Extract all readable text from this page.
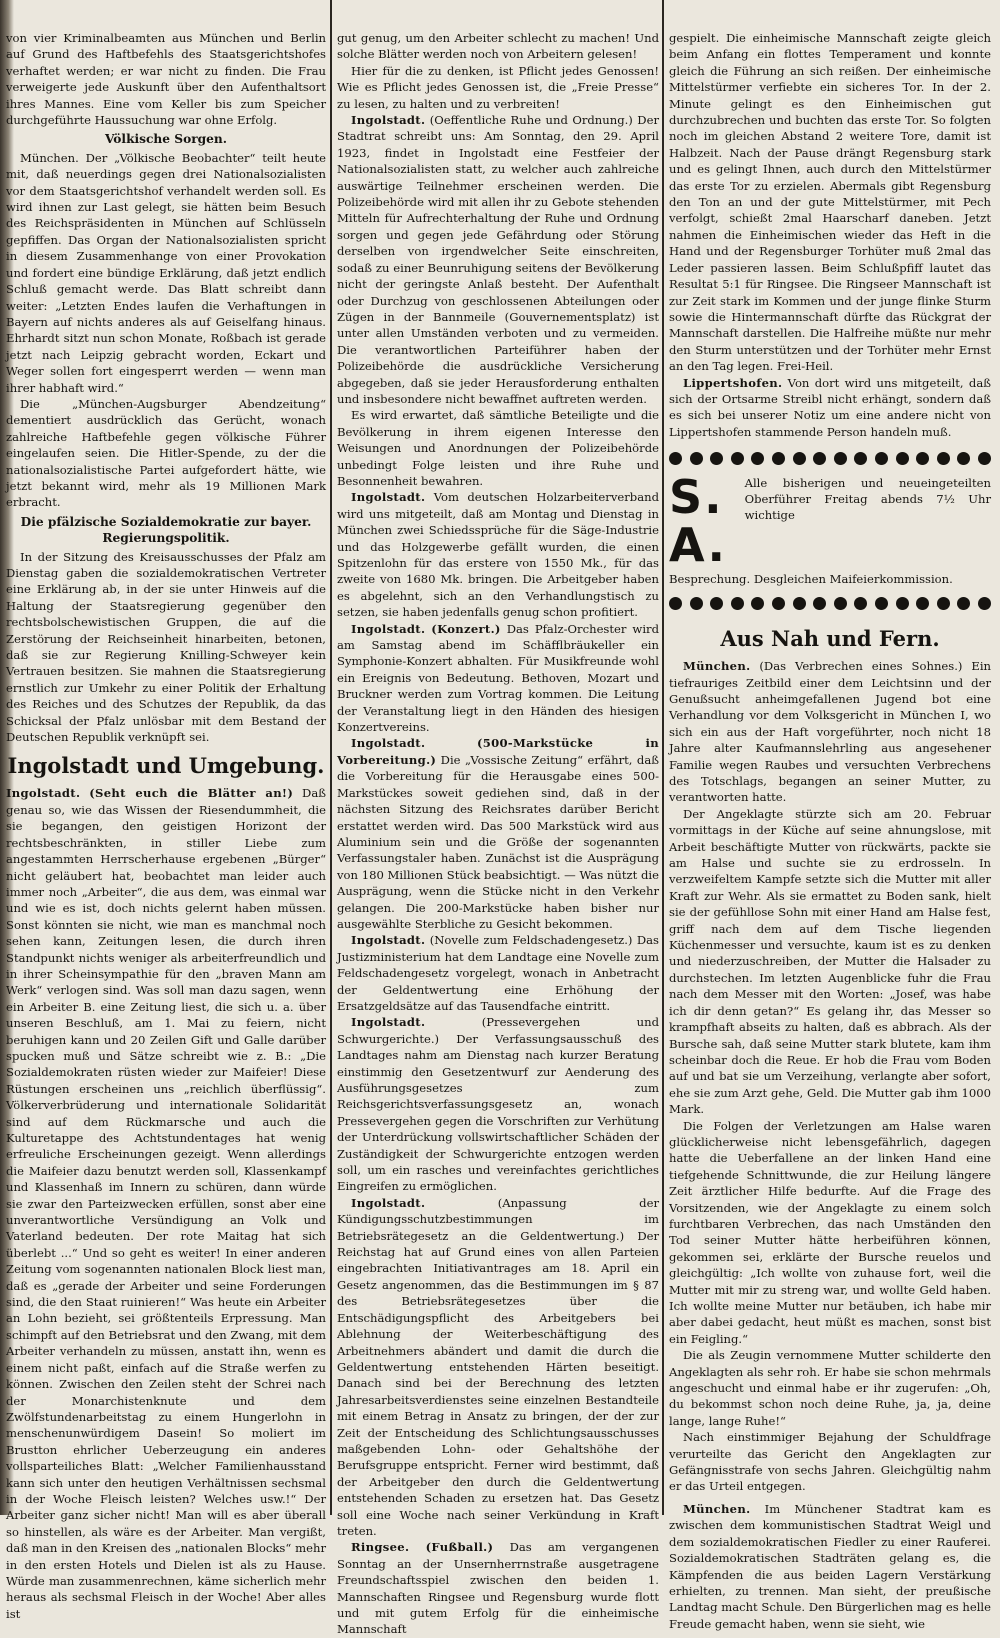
von vier Kriminalbeamten aus München und Berlin auf Grund des Haftbefehls des Staatsgerichtshofes verhaftet werden; er war nicht zu finden. Die Frau verweigerte jede Auskunft über den Aufenthaltsort ihres Mannes. Eine vom Keller bis zum Speicher durchgeführte Haussuchung war ohne Erfolg.

Völkische Sorgen.

München. Der „Völkische Beobachter“ teilt heute mit, daß neuerdings gegen drei Nationalsozialisten vor dem Staatsgerichtshof verhandelt werden soll. Es wird ihnen zur Last gelegt, sie hätten beim Besuch des Reichspräsidenten in München auf Schlüsseln gepfiffen. Das Organ der Nationalsozialisten spricht in diesem Zusammenhange von einer Provokation und fordert eine bündige Erklärung, daß jetzt endlich Schluß gemacht werde. Das Blatt schreibt dann weiter: „Letzten Endes laufen die Verhaftungen in Bayern auf nichts anderes als auf Geiselfang hinaus. Ehrhardt sitzt nun schon Monate, Roßbach ist gerade jetzt nach Leipzig gebracht worden, Eckart und Weger sollen fort eingesperrt werden — wenn man ihrer habhaft wird.“

Die „München-Augsburger Abendzeitung“ dementiert ausdrücklich das Gerücht, wonach zahlreiche Haftbefehle gegen völkische Führer eingelaufen seien. Die Hitler-Spende, zu der die nationalsozialistische Partei aufgefordert hätte, wie jetzt bekannt wird, mehr als 19 Millionen Mark erbracht.

Die pfälzische Sozialdemokratie zur bayer. Regierungspolitik.

In der Sitzung des Kreisausschusses der Pfalz am Dienstag gaben die sozialdemokratischen Vertreter eine Erklärung ab, in der sie unter Hinweis auf die Haltung der Staatsregierung gegenüber den rechtsbolschewistischen Gruppen, die auf die Zerstörung der Reichseinheit hinarbeiten, betonen, daß sie zur Regierung Knilling-Schweyer kein Vertrauen besitzen. Sie mahnen die Staatsregierung ernstlich zur Umkehr zu einer Politik der Erhaltung des Reiches und des Schutzes der Republik, da das Schicksal der Pfalz unlösbar mit dem Bestand der Deutschen Republik verknüpft sei.

Ingolstadt und Umgebung.

Ingolstadt. (Seht euch die Blätter an!) Daß genau so, wie das Wissen der Riesendummheit, die sie begangen, den geistigen Horizont der rechtsbeschränkten, in stiller Liebe zum angestammten Herrscherhause ergebenen „Bürger“ nicht geläubert hat, beobachtet man leider auch immer noch „Arbeiter“, die aus dem, was einmal war und wie es ist, doch nichts gelernt haben müssen. Sonst könnten sie nicht, wie man es manchmal noch sehen kann, Zeitungen lesen, die durch ihren Standpunkt nichts weniger als arbeiterfreundlich und in ihrer Scheinsympathie für den „braven Mann am Werk“ verlogen sind. Was soll man dazu sagen, wenn ein Arbeiter B. eine Zeitung liest, die sich u. a. über unseren Beschluß, am 1. Mai zu feiern, nicht beruhigen kann und 20 Zeilen Gift und Galle darüber spucken muß und Sätze schreibt wie z. B.: „Die Sozialdemokraten rüsten wieder zur Maifeier! Diese Rüstungen erscheinen uns „reichlich überflüssig“. Völkerverbrüderung und internationale Solidarität sind auf dem Rückmarsche und auch die Kulturetappe des Achtstundentages hat wenig erfreuliche Erscheinungen gezeigt. Wenn allerdings die Maifeier dazu benutzt werden soll, Klassenkampf und Klassenhaß im Innern zu schüren, dann würde sie zwar den Parteizwecken erfüllen, sonst aber eine unverantwortliche Versündigung an Volk und Vaterland bedeuten. Der rote Maitag hat sich überlebt ...“ Und so geht es weiter! In einer anderen Zeitung vom sogenannten nationalen Block liest man, daß es „gerade der Arbeiter und seine Forderungen sind, die den Staat ruinieren!“ Was heute ein Arbeiter an Lohn bezieht, sei größtenteils Erpressung. Man schimpft auf den Betriebsrat und den Zwang, mit dem Arbeiter verhandeln zu müssen, anstatt ihn, wenn es einem nicht paßt, einfach auf die Straße werfen zu können. Zwischen den Zeilen steht der Schrei nach der Monarchistenknute und dem Zwölfstundenarbeitstag zu einem Hungerlohn in menschenunwürdigem Dasein! So moliert im Brustton ehrlicher Ueberzeugung ein anderes vollsparteiliches Blatt: „Welcher Familienhausstand kann sich unter den heutigen Verhältnissen sechsmal in der Woche Fleisch leisten? Welches usw.!“ Der Arbeiter ganz sicher nicht! Man will es aber überall so hinstellen, als wäre es der Arbeiter. Man vergißt, daß man in den Kreisen des „nationalen Blocks“ mehr in den ersten Hotels und Dielen ist als zu Hause. Würde man zusammenrechnen, käme sicherlich mehr heraus als sechsmal Fleisch in der Woche! Aber alles ist

gut genug, um den Arbeiter schlecht zu machen! Und solche Blätter werden noch von Arbeitern gelesen!

Hier für die zu denken, ist Pflicht jedes Genossen! Wie es Pflicht jedes Genossen ist, die „Freie Presse“ zu lesen, zu halten und zu verbreiten!

Ingolstadt. (Oeffentliche Ruhe und Ordnung.) Der Stadtrat schreibt uns: Am Sonntag, den 29. April 1923, findet in Ingolstadt eine Festfeier der Nationalsozialisten statt, zu welcher auch zahlreiche auswärtige Teilnehmer erscheinen werden. Die Polizeibehörde wird mit allen ihr zu Gebote stehenden Mitteln für Aufrechterhaltung der Ruhe und Ordnung sorgen und gegen jede Gefährdung oder Störung derselben von irgendwelcher Seite einschreiten, sodaß zu einer Beunruhigung seitens der Bevölkerung nicht der geringste Anlaß besteht. Der Aufenthalt oder Durchzug von geschlossenen Abteilungen oder Zügen in der Bannmeile (Gouvernementsplatz) ist unter allen Umständen verboten und zu vermeiden. Die verantwortlichen Parteiführer haben der Polizeibehörde die ausdrückliche Versicherung abgegeben, daß sie jeder Herausforderung enthalten und insbesondere nicht bewaffnet auftreten werden.

Es wird erwartet, daß sämtliche Beteiligte und die Bevölkerung in ihrem eigenen Interesse den Weisungen und Anordnungen der Polizeibehörde unbedingt Folge leisten und ihre Ruhe und Besonnenheit bewahren.

Ingolstadt. Vom deutschen Holzarbeiterverband wird uns mitgeteilt, daß am Montag und Dienstag in München zwei Schiedssprüche für die Säge-Industrie und das Holzgewerbe gefällt wurden, die einen Spitzenlohn für das erstere von 1550 Mk., für das zweite von 1680 Mk. bringen. Die Arbeitgeber haben es abgelehnt, sich an den Verhandlungstisch zu setzen, sie haben jedenfalls genug schon profitiert.

Ingolstadt. (Konzert.) Das Pfalz-Orchester wird am Samstag abend im Schäfflbräukeller ein Symphonie-Konzert abhalten. Für Musikfreunde wohl ein Ereignis von Bedeutung. Bethoven, Mozart und Bruckner werden zum Vortrag kommen. Die Leitung der Veranstaltung liegt in den Händen des hiesigen Konzertvereins.

Ingolstadt.	(500-Markstücke in Vorbereitung.) Die „Vossische Zeitung“ erfährt, daß die Vorbereitung für die Herausgabe eines 500-Markstückes soweit gediehen sind, daß in der nächsten Sitzung des Reichsrates darüber Bericht erstattet werden wird. Das 500 Markstück wird aus Aluminium sein und die Größe der sogenannten Verfassungstaler haben. Zunächst ist die Ausprägung von 180 Millionen Stück beabsichtigt. — Was nützt die Ausprägung, wenn die Stücke nicht in den Verkehr gelangen. Die 200-Markstücke haben bisher nur ausgewählte Sterbliche zu Gesicht bekommen.

Ingolstadt. (Novelle zum Feldschadengesetz.) Das Justizministerium hat dem Landtage eine Novelle zum Feldschadengesetz vorgelegt, wonach in Anbetracht der Geldentwertung eine Erhöhung der Ersatzgeldsätze auf das Tausendfache eintritt.

Ingolstadt.	(Pressevergehen und Schwurgerichte.) Der Verfassungsausschuß des Landtages nahm am Dienstag nach kurzer Beratung einstimmig den Gesetzentwurf zur Aenderung des Ausführungsgesetzes zum Reichsgerichtsverfassungsgesetz an, wonach Pressevergehen gegen die Vorschriften zur Verhütung der Unterdrückung vollswirtschaftlicher Schäden der Zuständigkeit der Schwurgerichte entzogen werden soll, um ein rasches und vereinfachtes gerichtliches Eingreifen zu ermöglichen.

Ingolstadt.	(Anpassung der Kündigungsschutzbestimmungen im Betriebsrätegesetz an die Geldentwertung.) Der Reichstag hat auf Grund eines von allen Parteien eingebrachten Initiativantrages am 18. April ein Gesetz angenommen, das die Bestimmungen im § 87 des Betriebsrätegesetzes über die Entschädigungspflicht des Arbeitgebers bei Ablehnung der Weiterbeschäftigung des Arbeitnehmers abändert und damit die durch die Geldentwertung entstehenden Härten beseitigt. Danach sind bei der Berechnung des letzten Jahresarbeitsverdienstes seine einzelnen Bestandteile mit einem Betrag in Ansatz zu bringen, der der zur Zeit der Entscheidung des Schlichtungsausschusses maßgebenden Lohn- oder Gehaltshöhe der Berufsgruppe entspricht. Ferner wird bestimmt, daß der Arbeitgeber den durch die Geldentwertung entstehenden Schaden zu ersetzen hat. Das Gesetz soll eine Woche nach seiner Verkündung in Kraft treten.

Ringsee. (Fußball.) Das am vergangenen Sonntag an der Unsernherrnstraße ausgetragene Freundschaftsspiel zwischen den beiden 1. Mannschaften Ringsee und Regensburg wurde flott und mit gutem Erfolg für die einheimische Mannschaft

gespielt. Die einheimische Mannschaft zeigte gleich beim Anfang ein flottes Temperament und konnte gleich die Führung an sich reißen. Der einheimische Mittelstürmer verfiebte ein sicheres Tor. In der 2. Minute gelingt es den Einheimischen gut durchzubrechen und buchten das erste Tor. So folgten noch im gleichen Abstand 2 weitere Tore, damit ist Halbzeit. Nach der Pause drängt Regensburg stark und es gelingt Ihnen, auch durch den Mittelstürmer das erste Tor zu erzielen. Abermals gibt Regensburg den Ton an und der gute Mittelstürmer, mit Pech verfolgt, schießt 2mal Haarscharf daneben. Jetzt nahmen die Einheimischen wieder das Heft in die Hand und der Regensburger Torhüter muß 2mal das Leder passieren lassen. Beim Schlußpfiff lautet das Resultat 5:1 für Ringsee. Die Ringseer Mannschaft ist zur Zeit stark im Kommen und der junge flinke Sturm sowie die Hintermannschaft dürfte das Rückgrat der Mannschaft darstellen. Die Halfreihe müßte nur mehr den Sturm unterstützen und der Torhüter mehr Ernst an den Tag legen. Frei-Heil.

Lippertshofen. Von dort wird uns mitgeteilt, daß sich der Ortsarme Streibl nicht erhängt, sondern daß es sich bei unserer Notiz um eine andere nicht von Lippertshofen stammende Person handeln muß.

S. A.
Alle bisherigen und neueingeteilten Oberführer Freitag abends 7½ Uhr wichtige
Besprechung. Desgleichen Maifeierkommission.
Aus Nah und Fern.

München. (Das Verbrechen eines Sohnes.) Ein tiefrauriges Zeitbild einer dem Leichtsinn und der Genußsucht anheimgefallenen Jugend bot eine Verhandlung vor dem Volksgericht in München I, wo sich ein aus der Haft vorgeführter, noch nicht 18 Jahre alter Kaufmannslehrling aus angesehener Familie wegen Raubes und versuchten Verbrechens des Totschlags, begangen an seiner Mutter, zu verantworten hatte.

Der Angeklagte stürzte sich am 20. Februar vormittags in der Küche auf seine ahnungslose, mit Arbeit beschäftigte Mutter von rückwärts, packte sie am Halse und suchte sie zu erdrosseln. In verzweifeltem Kampfe setzte sich die Mutter mit aller Kraft zur Wehr. Als sie ermattet zu Boden sank, hielt sie der gefühllose Sohn mit einer Hand am Halse fest, griff nach dem auf dem Tische liegenden Küchenmesser und versuchte, kaum ist es zu denken und niederzuschreiben, der Mutter die Halsader zu durchstechen. Im letzten Augenblicke fuhr die Frau nach dem Messer mit den Worten: „Josef, was habe ich dir denn getan?“ Es gelang ihr, das Messer so krampfhaft abseits zu halten, daß es abbrach. Als der Bursche sah, daß seine Mutter stark blutete, kam ihm scheinbar doch die Reue. Er hob die Frau vom Boden auf und bat sie um Verzeihung, verlangte aber sofort, ehe sie zum Arzt gehe, Geld. Die Mutter gab ihm 1000 Mark.

Die Folgen der Verletzungen am Halse waren glücklicherweise nicht lebensgefährlich, dagegen hatte die Ueberfallene an der linken Hand eine tiefgehende Schnittwunde, die zur Heilung längere Zeit ärztlicher Hilfe bedurfte. Auf die Frage des Vorsitzenden, wie der Angeklagte zu einem solch furchtbaren Verbrechen, das nach Umständen den Tod seiner Mutter hätte herbeiführen können, gekommen sei, erklärte der Bursche reuelos und gleichgültig: „Ich wollte von zuhause fort, weil die Mutter mit mir zu streng war, und wollte Geld haben. Ich wollte meine Mutter nur betäuben, ich habe mir aber dabei gedacht, heut müßt es machen, sonst bist ein Feigling.“

Die als Zeugin vernommene Mutter schilderte den Angeklagten als sehr roh. Er habe sie schon mehrmals angeschucht und einmal habe er ihr zugerufen: „Oh, du bekommst schon noch deine Ruhe, ja, ja, deine lange, lange Ruhe!“

Nach einstimmiger Bejahung der Schuldfrage verurteilte das Gericht den Angeklagten zur Gefängnisstrafe von sechs Jahren. Gleichgültig nahm er das Urteil entgegen.

München. Im Münchener Stadtrat kam es zwischen dem kommunistischen Stadtrat Weigl und dem sozialdemokratischen Fiedler zu einer Rauferei. Sozialdemokratischen Stadträten gelang es, die Kämpfenden die aus beiden Lagern Verstärkung erhielten, zu trennen. Man sieht, der preußische Landtag macht Schule. Den Bürgerlichen mag es helle Freude gemacht haben, wenn sie sieht, wie
